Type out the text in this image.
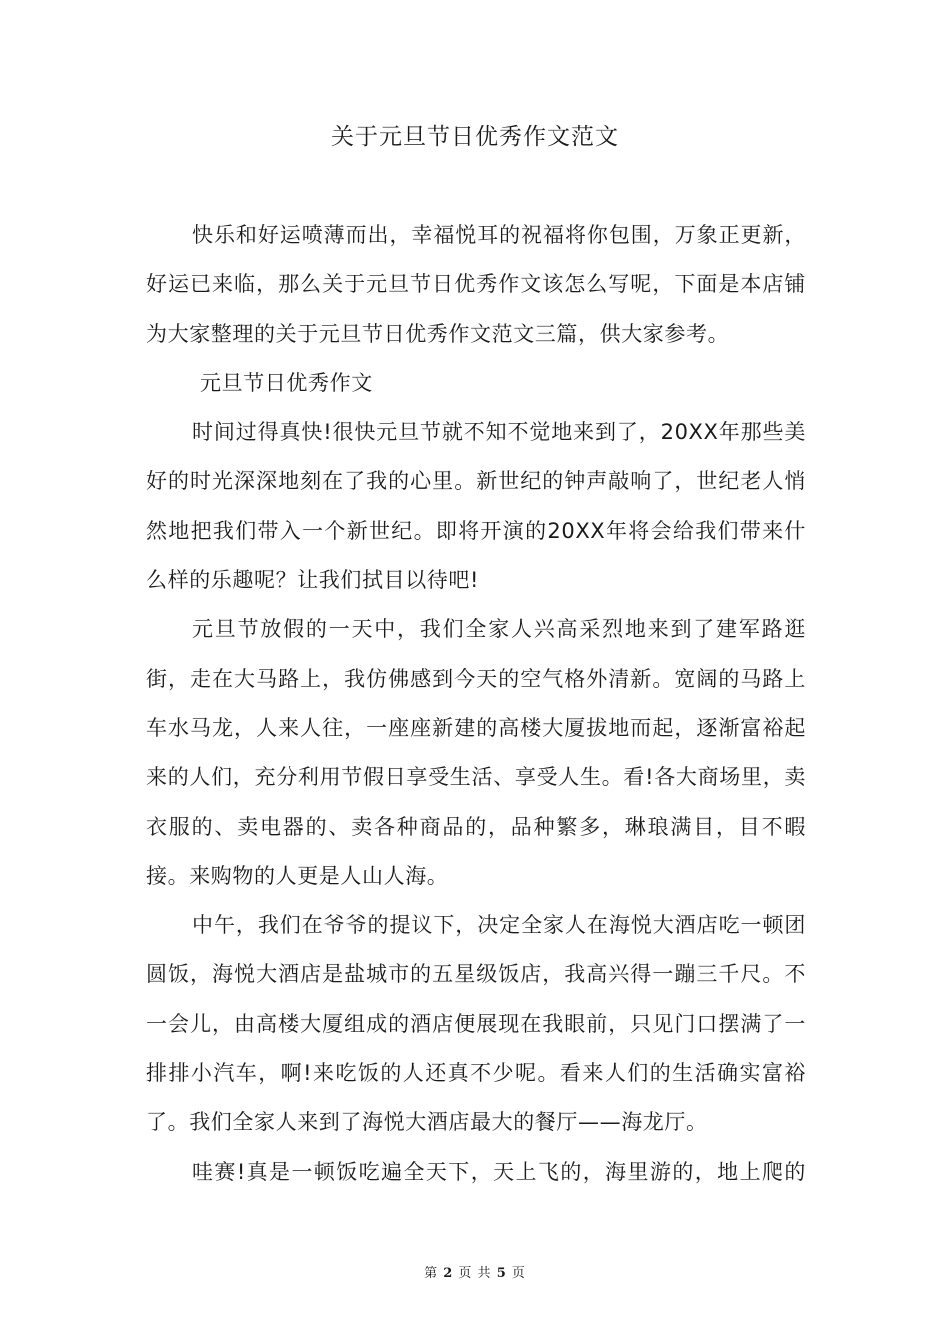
关于元旦节日优秀作文范文

快乐和好运喷薄而出，幸福悦耳的祝福将你包围，万象正更新，好运已来临，那么关于元旦节日优秀作文该怎么写呢，下面是本店铺为大家整理的关于元旦节日优秀作文范文三篇，供大家参考。

元旦节日优秀作文

时间过得真快!很快元旦节就不知不觉地来到了，20XX年那些美好的时光深深地刻在了我的心里。新世纪的钟声敲响了，世纪老人悄然地把我们带入一个新世纪。即将开演的20XX年将会给我们带来什么样的乐趣呢？让我们拭目以待吧!

元旦节放假的一天中，我们全家人兴高采烈地来到了建军路逛街，走在大马路上，我仿佛感到今天的空气格外清新。宽阔的马路上车水马龙，人来人往，一座座新建的高楼大厦拔地而起，逐渐富裕起来的人们，充分利用节假日享受生活、享受人生。看!各大商场里，卖衣服的、卖电器的、卖各种商品的，品种繁多，琳琅满目，目不暇接。来购物的人更是人山人海。

中午，我们在爷爷的提议下，决定全家人在海悦大酒店吃一顿团圆饭，海悦大酒店是盐城市的五星级饭店，我高兴得一蹦三千尺。不一会儿，由高楼大厦组成的酒店便展现在我眼前，只见门口摆满了一排排小汽车，啊!来吃饭的人还真不少呢。看来人们的生活确实富裕了。我们全家人来到了海悦大酒店最大的餐厅——海龙厅。

哇赛!真是一顿饭吃遍全天下，天上飞的，海里游的，地上爬的

第 2 页 共 5 页
